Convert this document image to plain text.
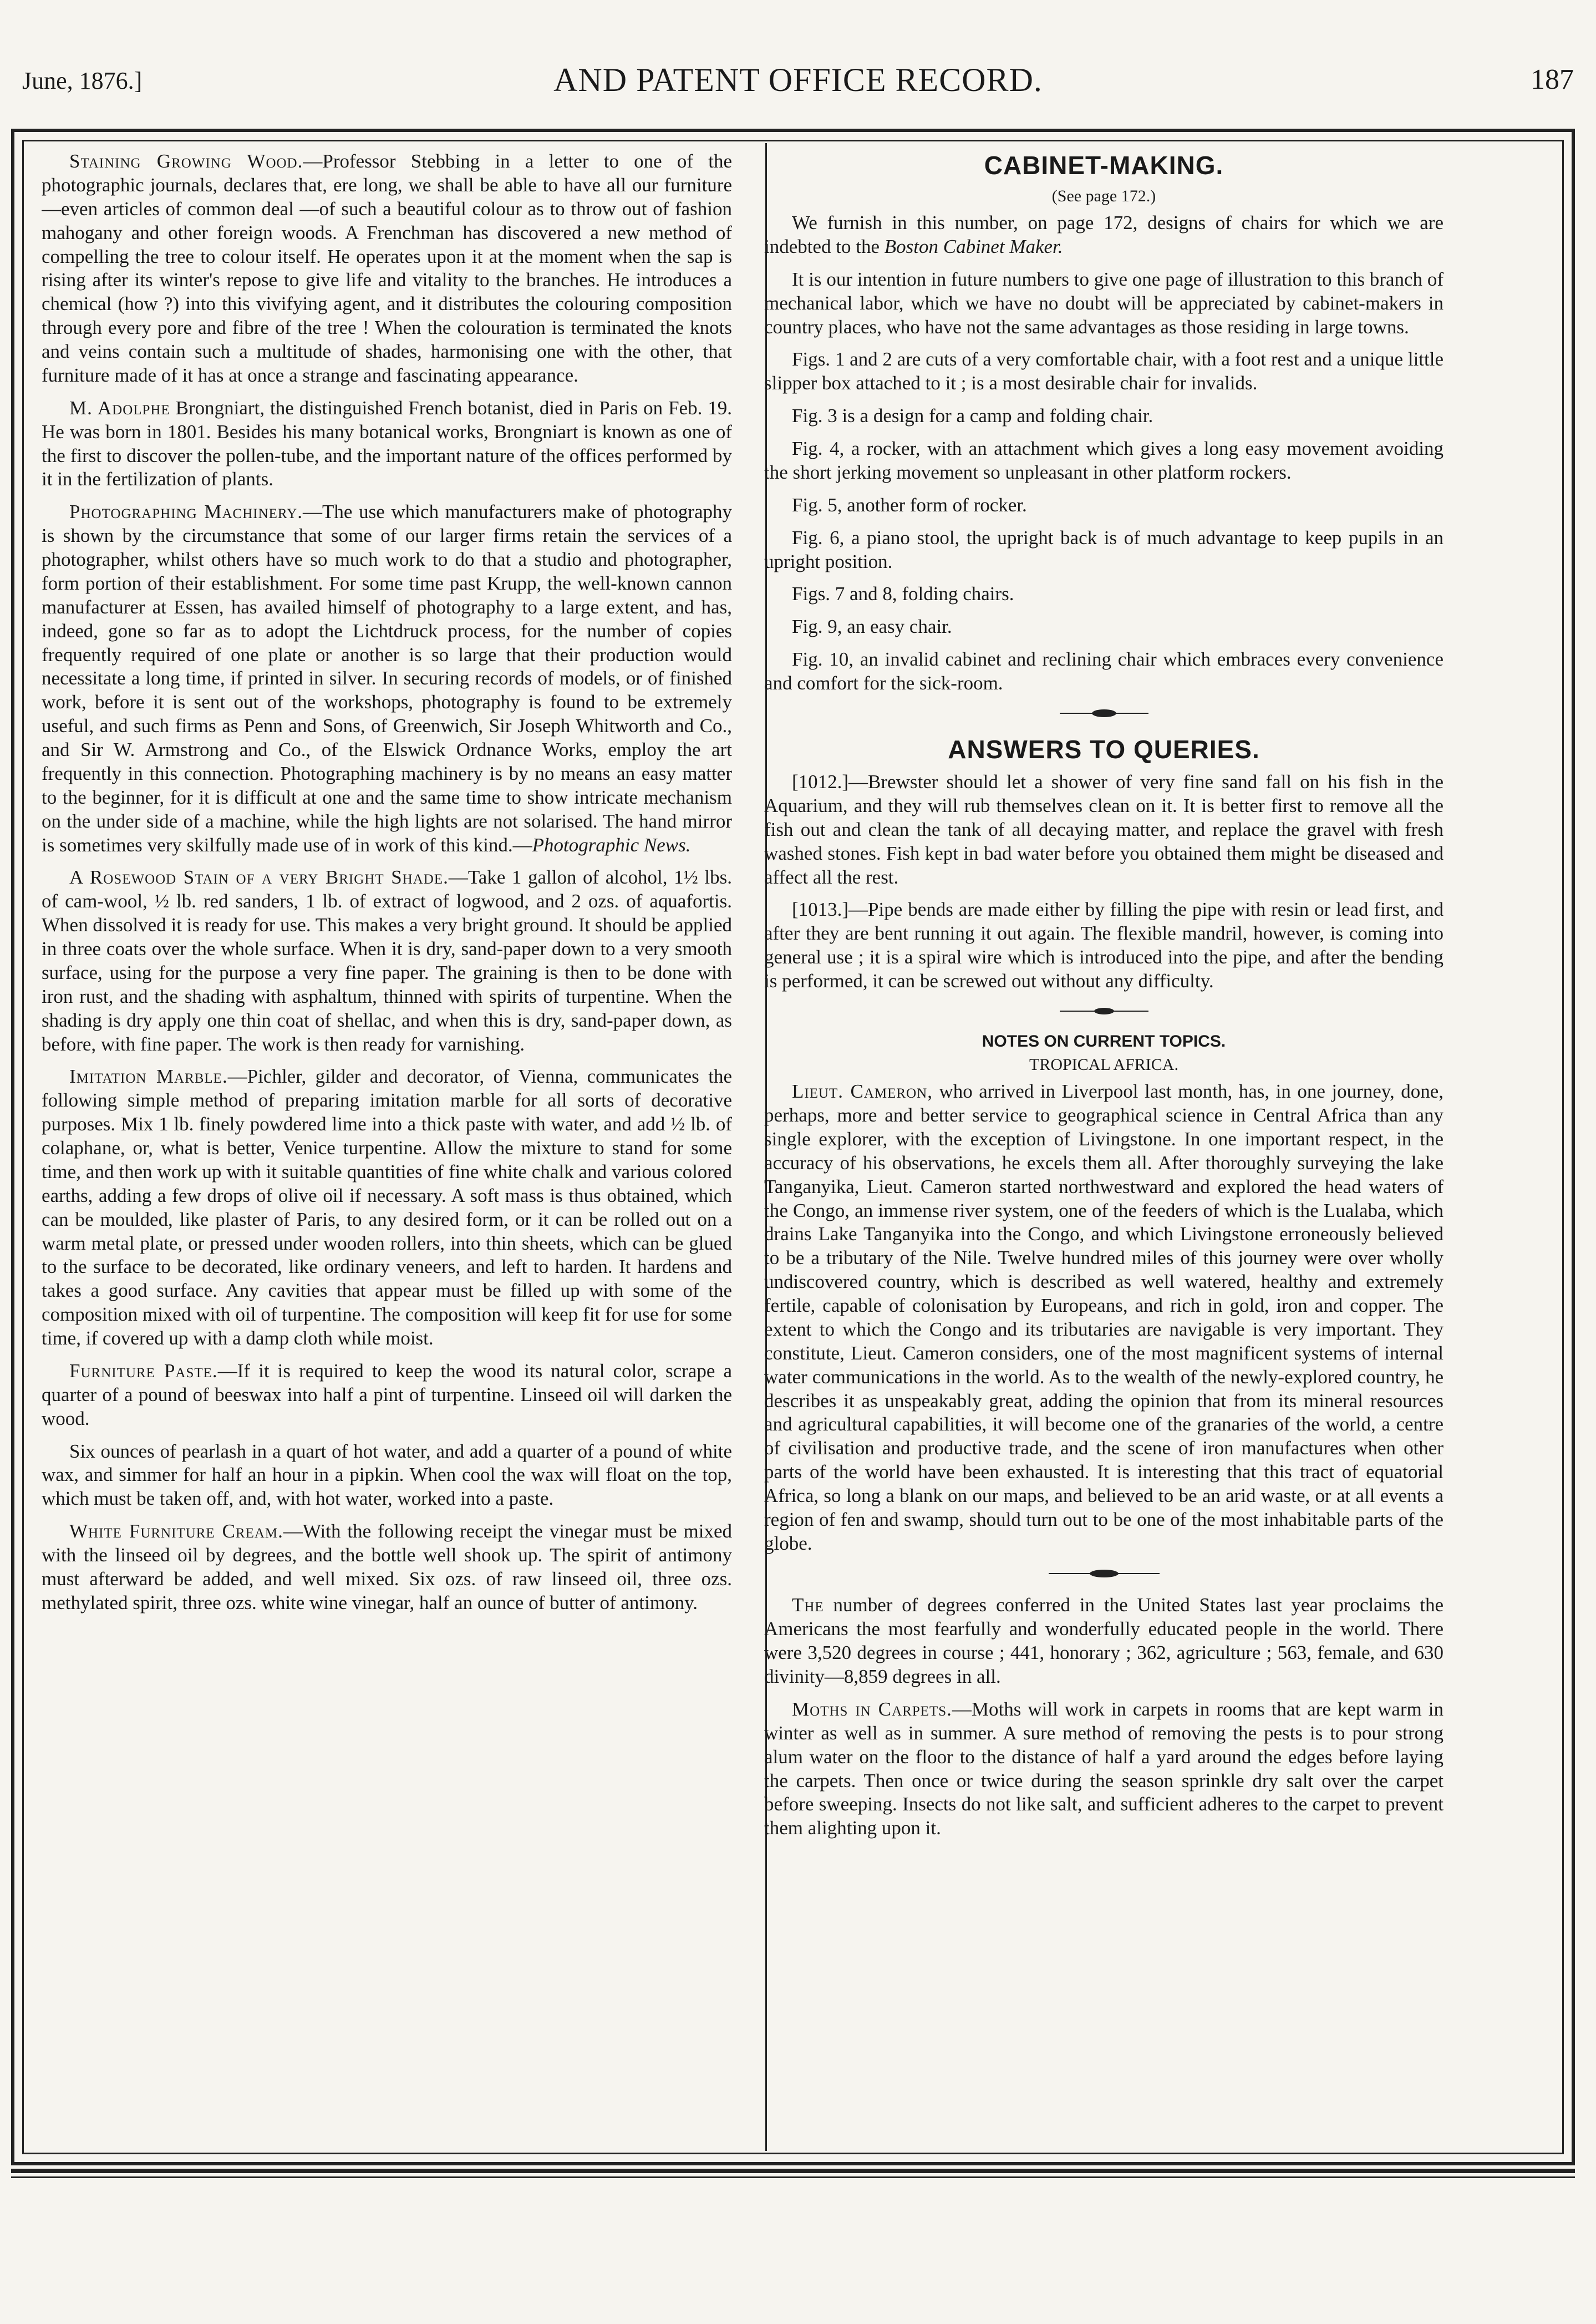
June, 1876.]	AND PATENT OFFICE RECORD.	187

Staining Growing Wood.—Professor Stebbing in a letter to one of the photographic journals, declares that, ere long, we shall be able to have all our furniture—even articles of common deal —of such a beautiful colour as to throw out of fashion mahogany and other foreign woods. A Frenchman has discovered a new method of compelling the tree to colour itself. He operates upon it at the moment when the sap is rising after its winter's repose to give life and vitality to the branches. He introduces a chemical (how ?) into this vivifying agent, and it distributes the colouring composition through every pore and fibre of the tree ! When the colouration is terminated the knots and veins contain such a multitude of shades, harmonising one with the other, that furniture made of it has at once a strange and fascinating appearance.

M. Adolphe Brongniart, the distinguished French botanist, died in Paris on Feb. 19. He was born in 1801. Besides his many botanical works, Brongniart is known as one of the first to discover the pollen-tube, and the important nature of the offices performed by it in the fertilization of plants.

Photographing Machinery.—The use which manufacturers make of photography is shown by the circumstance that some of our larger firms retain the services of a photographer, whilst others have so much work to do that a studio and photographer, form portion of their establishment. For some time past Krupp, the well-known cannon manufacturer at Essen, has availed himself of photography to a large extent, and has, indeed, gone so far as to adopt the Lichtdruck process, for the number of copies frequently required of one plate or another is so large that their production would necessitate a long time, if printed in silver. In securing records of models, or of finished work, before it is sent out of the workshops, photography is found to be extremely useful, and such firms as Penn and Sons, of Greenwich, Sir Joseph Whitworth and Co., and Sir W. Armstrong and Co., of the Elswick Ordnance Works, employ the art frequently in this connection. Photographing machinery is by no means an easy matter to the beginner, for it is difficult at one and the same time to show intricate mechanism on the under side of a machine, while the high lights are not solarised. The hand mirror is sometimes very skilfully made use of in work of this kind.—Photographic News.

A Rosewood Stain of a very Bright Shade.—Take 1 gallon of alcohol, 1½ lbs. of cam-wool, ½ lb. red sanders, 1 lb. of extract of logwood, and 2 ozs. of aquafortis. When dissolved it is ready for use. This makes a very bright ground. It should be applied in three coats over the whole surface. When it is dry, sand-paper down to a very smooth surface, using for the purpose a very fine paper. The graining is then to be done with iron rust, and the shading with asphaltum, thinned with spirits of turpentine. When the shading is dry apply one thin coat of shellac, and when this is dry, sand-paper down, as before, with fine paper. The work is then ready for varnishing.

Imitation Marble.—Pichler, gilder and decorator, of Vienna, communicates the following simple method of preparing imitation marble for all sorts of decorative purposes. Mix 1 lb. finely powdered lime into a thick paste with water, and add ½ lb. of colaphane, or, what is better, Venice turpentine. Allow the mixture to stand for some time, and then work up with it suitable quantities of fine white chalk and various colored earths, adding a few drops of olive oil if necessary. A soft mass is thus obtained, which can be moulded, like plaster of Paris, to any desired form, or it can be rolled out on a warm metal plate, or pressed under wooden rollers, into thin sheets, which can be glued to the surface to be decorated, like ordinary veneers, and left to harden. It hardens and takes a good surface. Any cavities that appear must be filled up with some of the composition mixed with oil of turpentine. The composition will keep fit for use for some time, if covered up with a damp cloth while moist.

Furniture Paste.—If it is required to keep the wood its natural color, scrape a quarter of a pound of beeswax into half a pint of turpentine. Linseed oil will darken the wood.

Six ounces of pearlash in a quart of hot water, and add a quarter of a pound of white wax, and simmer for half an hour in a pipkin. When cool the wax will float on the top, which must be taken off, and, with hot water, worked into a paste.

White Furniture Cream.—With the following receipt the vinegar must be mixed with the linseed oil by degrees, and the bottle well shook up. The spirit of antimony must afterward be added, and well mixed. Six ozs. of raw linseed oil, three ozs. methylated spirit, three ozs. white wine vinegar, half an ounce of butter of antimony.

CABINET-MAKING.
(See page 172.)

We furnish in this number, on page 172, designs of chairs for which we are indebted to the Boston Cabinet Maker.

It is our intention in future numbers to give one page of illustration to this branch of mechanical labor, which we have no doubt will be appreciated by cabinet-makers in country places, who have not the same advantages as those residing in large towns.

Figs. 1 and 2 are cuts of a very comfortable chair, with a foot rest and a unique little slipper box attached to it ; is a most desirable chair for invalids.

Fig. 3 is a design for a camp and folding chair.

Fig. 4, a rocker, with an attachment which gives a long easy movement avoiding the short jerking movement so unpleasant in other platform rockers.

Fig. 5, another form of rocker.

Fig. 6, a piano stool, the upright back is of much advantage to keep pupils in an upright position.

Figs. 7 and 8, folding chairs.

Fig. 9, an easy chair.

Fig. 10, an invalid cabinet and reclining chair which embraces every convenience and comfort for the sick-room.

ANSWERS TO QUERIES.

[1012.]—Brewster should let a shower of very fine sand fall on his fish in the Aquarium, and they will rub themselves clean on it. It is better first to remove all the fish out and clean the tank of all decaying matter, and replace the gravel with fresh washed stones. Fish kept in bad water before you obtained them might be diseased and affect all the rest.

[1013.]—Pipe bends are made either by filling the pipe with resin or lead first, and after they are bent running it out again. The flexible mandril, however, is coming into general use ; it is a spiral wire which is introduced into the pipe, and after the bending is performed, it can be screwed out without any difficulty.

NOTES ON CURRENT TOPICS.
TROPICAL AFRICA.

Lieut. Cameron, who arrived in Liverpool last month, has, in one journey, done, perhaps, more and better service to geographical science in Central Africa than any single explorer, with the exception of Livingstone. In one important respect, in the accuracy of his observations, he excels them all. After thoroughly surveying the lake Tanganyika, Lieut. Cameron started northwestward and explored the head waters of the Congo, an immense river system, one of the feeders of which is the Lualaba, which drains Lake Tanganyika into the Congo, and which Livingstone erroneously believed to be a tributary of the Nile. Twelve hundred miles of this journey were over wholly undiscovered country, which is described as well watered, healthy and extremely fertile, capable of colonisation by Europeans, and rich in gold, iron and copper. The extent to which the Congo and its tributaries are navigable is very important. They constitute, Lieut. Cameron considers, one of the most magnificent systems of internal water communications in the world. As to the wealth of the newly-explored country, he describes it as unspeakably great, adding the opinion that from its mineral resources and agricultural capabilities, it will become one of the granaries of the world, a centre of civilisation and productive trade, and the scene of iron manufactures when other parts of the world have been exhausted. It is interesting that this tract of equatorial Africa, so long a blank on our maps, and believed to be an arid waste, or at all events a region of fen and swamp, should turn out to be one of the most inhabitable parts of the globe.

The number of degrees conferred in the United States last year proclaims the Americans the most fearfully and wonderfully educated people in the world. There were 3,520 degrees in course ; 441, honorary ; 362, agriculture ; 563, female, and 630 divinity—8,859 degrees in all.

Moths in Carpets.—Moths will work in carpets in rooms that are kept warm in winter as well as in summer. A sure method of removing the pests is to pour strong alum water on the floor to the distance of half a yard around the edges before laying the carpets. Then once or twice during the season sprinkle dry salt over the carpet before sweeping. Insects do not like salt, and sufficient adheres to the carpet to prevent them alighting upon it.
